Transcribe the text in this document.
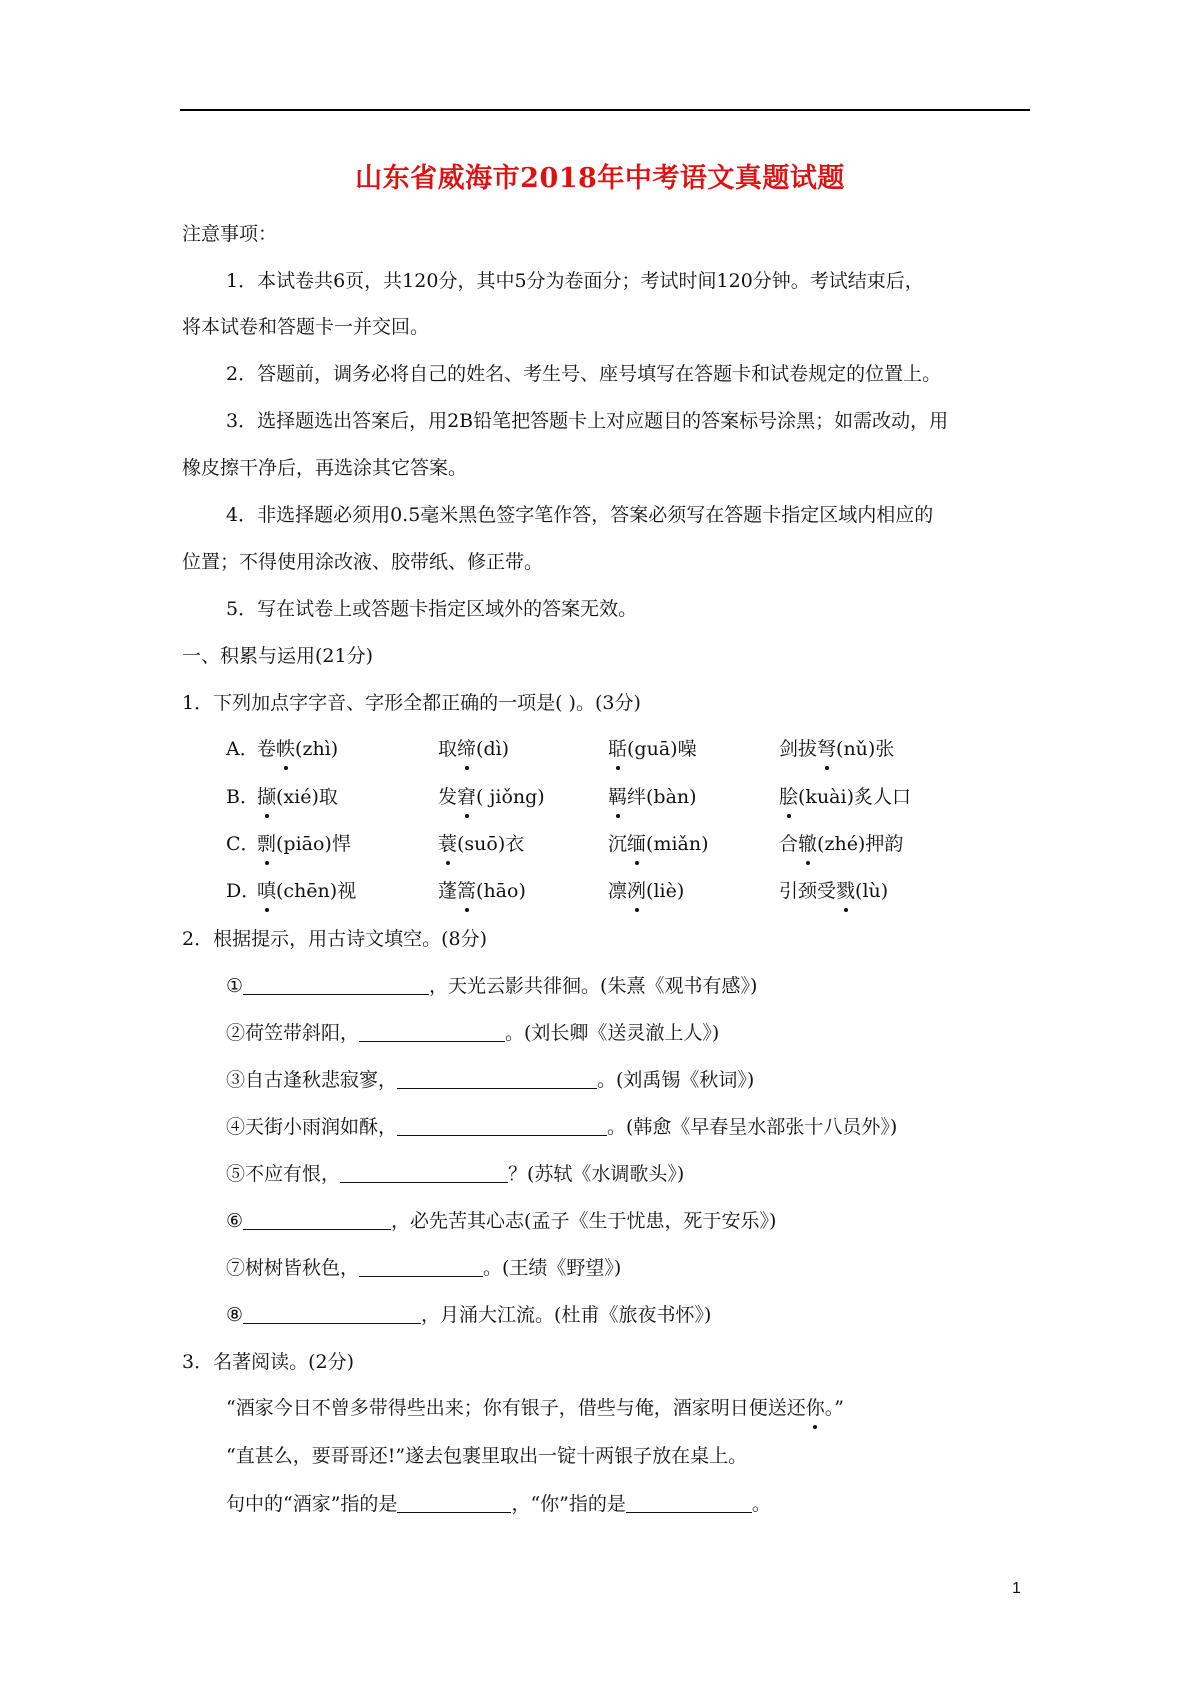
山东省威海市2018年中考语文真题试题
注意事项：
1．本试卷共6页，共120分，其中5分为卷面分；考试时间120分钟。考试结束后，
将本试卷和答题卡一并交回。
2．答题前，调务必将自己的姓名、考生号、座号填写在答题卡和试卷规定的位置上。
3．选择题选出答案后，用2B铅笔把答题卡上对应题目的答案标号涂黑；如需改动，用
橡皮擦干净后，再选涂其它答案。
4．非选择题必须用0.5毫米黑色签字笔作答，答案必须写在答题卡指定区域内相应的
位置；不得使用涂改液、胶带纸、修正带。
5．写在试卷上或答题卡指定区域外的答案无效。
一、积累与运用(21分)
1．下列加点字字音、字形全都正确的一项是( )。(3分)
A．
卷帙(zhì)	取缔(dì)	聒(guā)噪	剑拔弩(nǔ)张
B．
撷(xié)取	发窘( jiǒng)	羁绊(bàn)	脍(kuài)炙人口
C．
剽(piāo)悍	蓑(suō)衣	沉缅(miǎn)	合辙(zhé)押韵
D．
嗔(chēn)视	蓬篙(hāo)	凛冽(liè)	引颈受戮(lù)
2．根据提示，用古诗文填空。(8分)
①	，天光云影共徘徊。(朱熹《观书有感》)
②荷笠带斜阳，	。(刘长卿《送灵澈上人》)
③自古逢秋悲寂寥，	。(刘禹锡《秋词》)
④天街小雨润如酥，	。(韩愈《早春呈水部张十八员外》)
⑤不应有恨，	？(苏轼《水调歌头》)
⑥	，必先苦其心志(孟子《生于忧患，死于安乐》)
⑦树树皆秋色，	。(王绩《野望》)
⑧	，月涌大江流。(杜甫《旅夜书怀》)
3．名著阅读。(2分)
“酒家今日不曾多带得些出来；你有银子，借些与俺，酒家明日便送还你。”
“直甚么，要哥哥还!”遂去包裹里取出一锭十两银子放在桌上。
句中的“酒家”指的是	，“你”指的是	。
1
